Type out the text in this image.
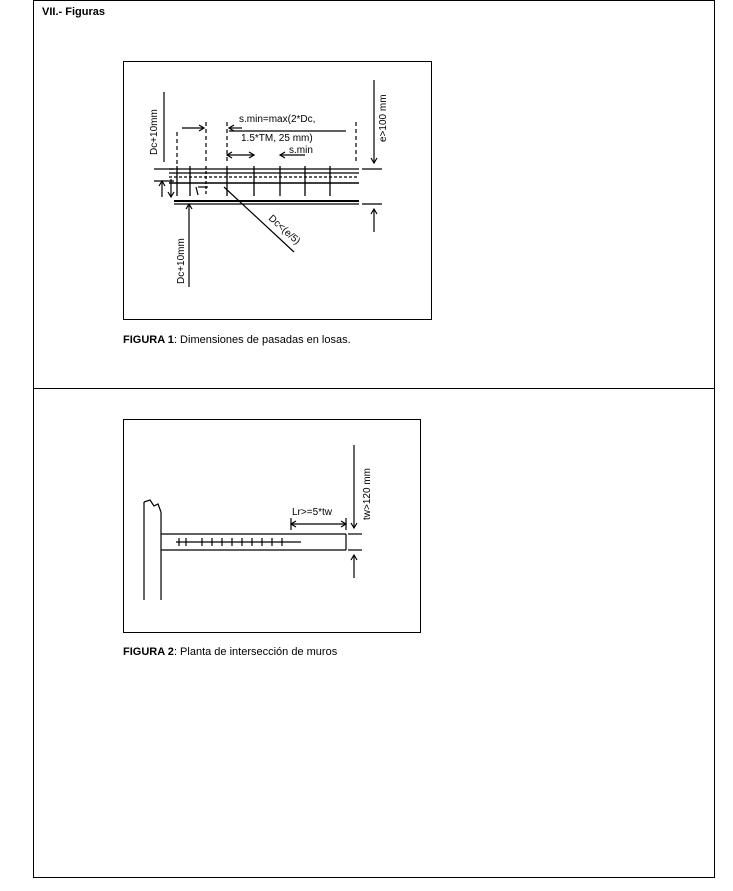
VII.- Figuras
Dc+10mm	s.min=max(2*Dc,
1.5*TM, 25 mm)
s.min
e>100 mm
Dc<(e/5)
Dc+10mm
FIGURA 1: Dimensiones de pasadas en losas.
Lr>=5*tw	tw>120 mm
FIGURA 2: Planta de intersección de muros
